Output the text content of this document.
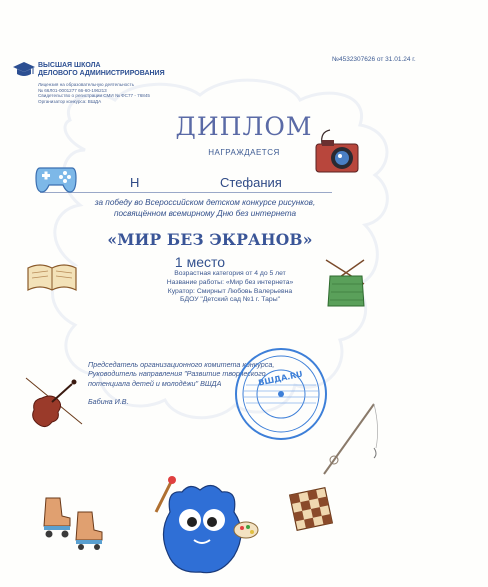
ВЫСШАЯ ШКОЛА
ДЕЛОВОГО АДМИНИСТРИРОВАНИЯ
Лицензия на образовательную деятельность
№ 66Л01-0001277 66-60-196213
Свидетельство о регистрации СМИ № ФС77 - 76845
Организатор конкурса: ВШДА
№4532307626 от 31.01.24 г.
ДИПЛОМ
НАГРАЖДАЕТСЯ
Н	Стефания
за победу во Всероссийском детском конкурсе рисунков,
посвящённом всемирному Дню без интернета
«МИР БЕЗ ЭКРАНОВ»
1 место
Возрастная категория от 4 до 5 лет
Название работы: «Мир без интернета»
Куратор: Смирныт Любовь Валерьевна
БДОУ "Детский сад №1 г. Тары"
Председатель организационного комитета конкурса,
Руководитель направления "Развитие творческого
потенциала детей и молодёжи" ВШДА
Бабина И.В.
ВШДА.RU
